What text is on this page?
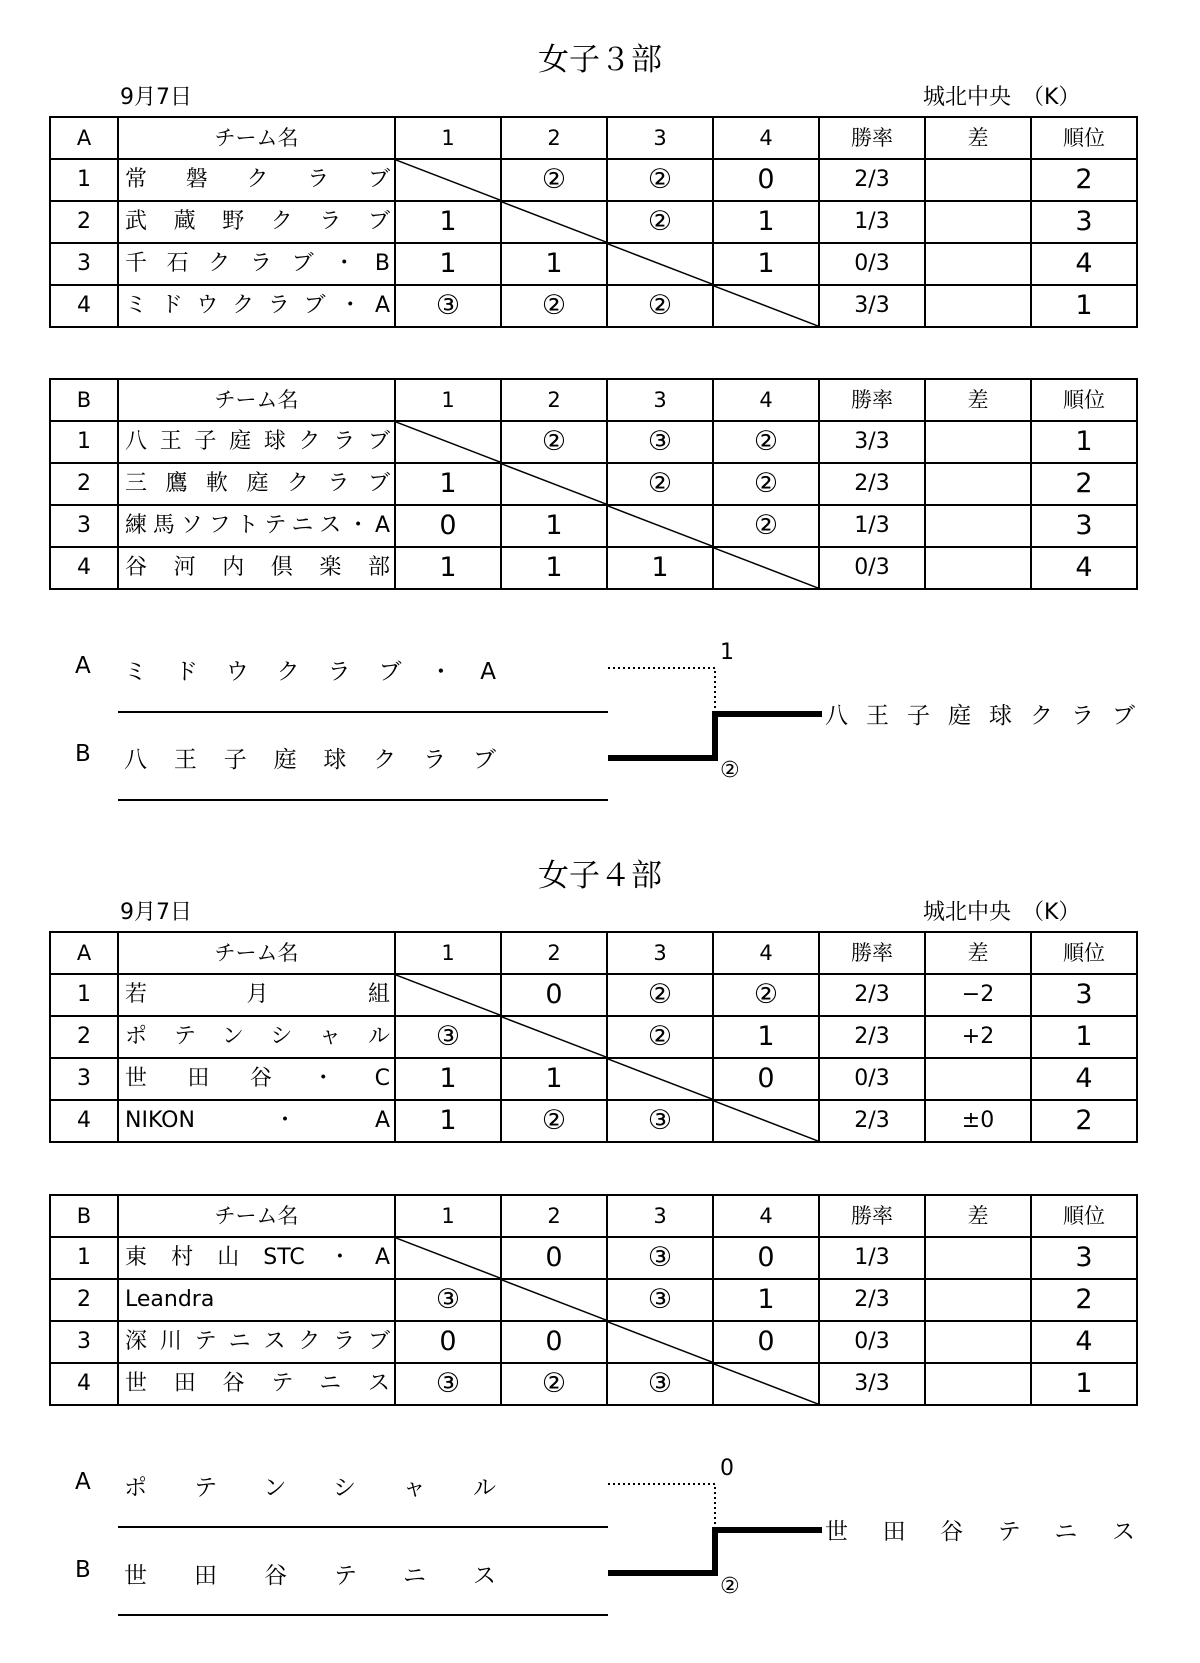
女子３部
9月7日	城北中央　（K）
A	チーム名	1	2	3	4	勝率	差	順位
1	常磐クラブ		②	②	0	2/3		2
2	武蔵野クラブ	1		②	1	1/3		3
3	千石クラブ・B	1	1		1	0/3		4
4	ミドウクラブ・A	③	②	②		3/3		1
B	チーム名	1	2	3	4	勝率	差	順位
1	八王子庭球クラブ		②	③	②	3/3		1
2	三鷹軟庭クラブ	1		②	②	2/3		2
3	練馬ソフトテニス・A	0	1		②	1/3		3
4	谷河内倶楽部	1	1	1		0/3		4
A ミドウクラブ・A
B 八王子庭球クラブ
1
②
八王子庭球クラブ
女子４部
9月7日	城北中央　（K）
A	チーム名	1	2	3	4	勝率	差	順位
1	若月組		0	②	②	2/3	−2	3
2	ポテンシャル	③		②	1	2/3	+2	1
3	世田谷・C	1	1		0	0/3		4
4	NIKON・A	1	②	③		2/3	±0	2
B	チーム名	1	2	3	4	勝率	差	順位
1	東村山STC・A		0	③	0	1/3		3
2	Leandra	③		③	1	2/3		2
3	深川テニスクラブ	0	0		0	0/3		4
4	世田谷テニス	③	②	③		3/3		1
A ポテンシャル
B 世田谷テニス
0
②
世田谷テニス
